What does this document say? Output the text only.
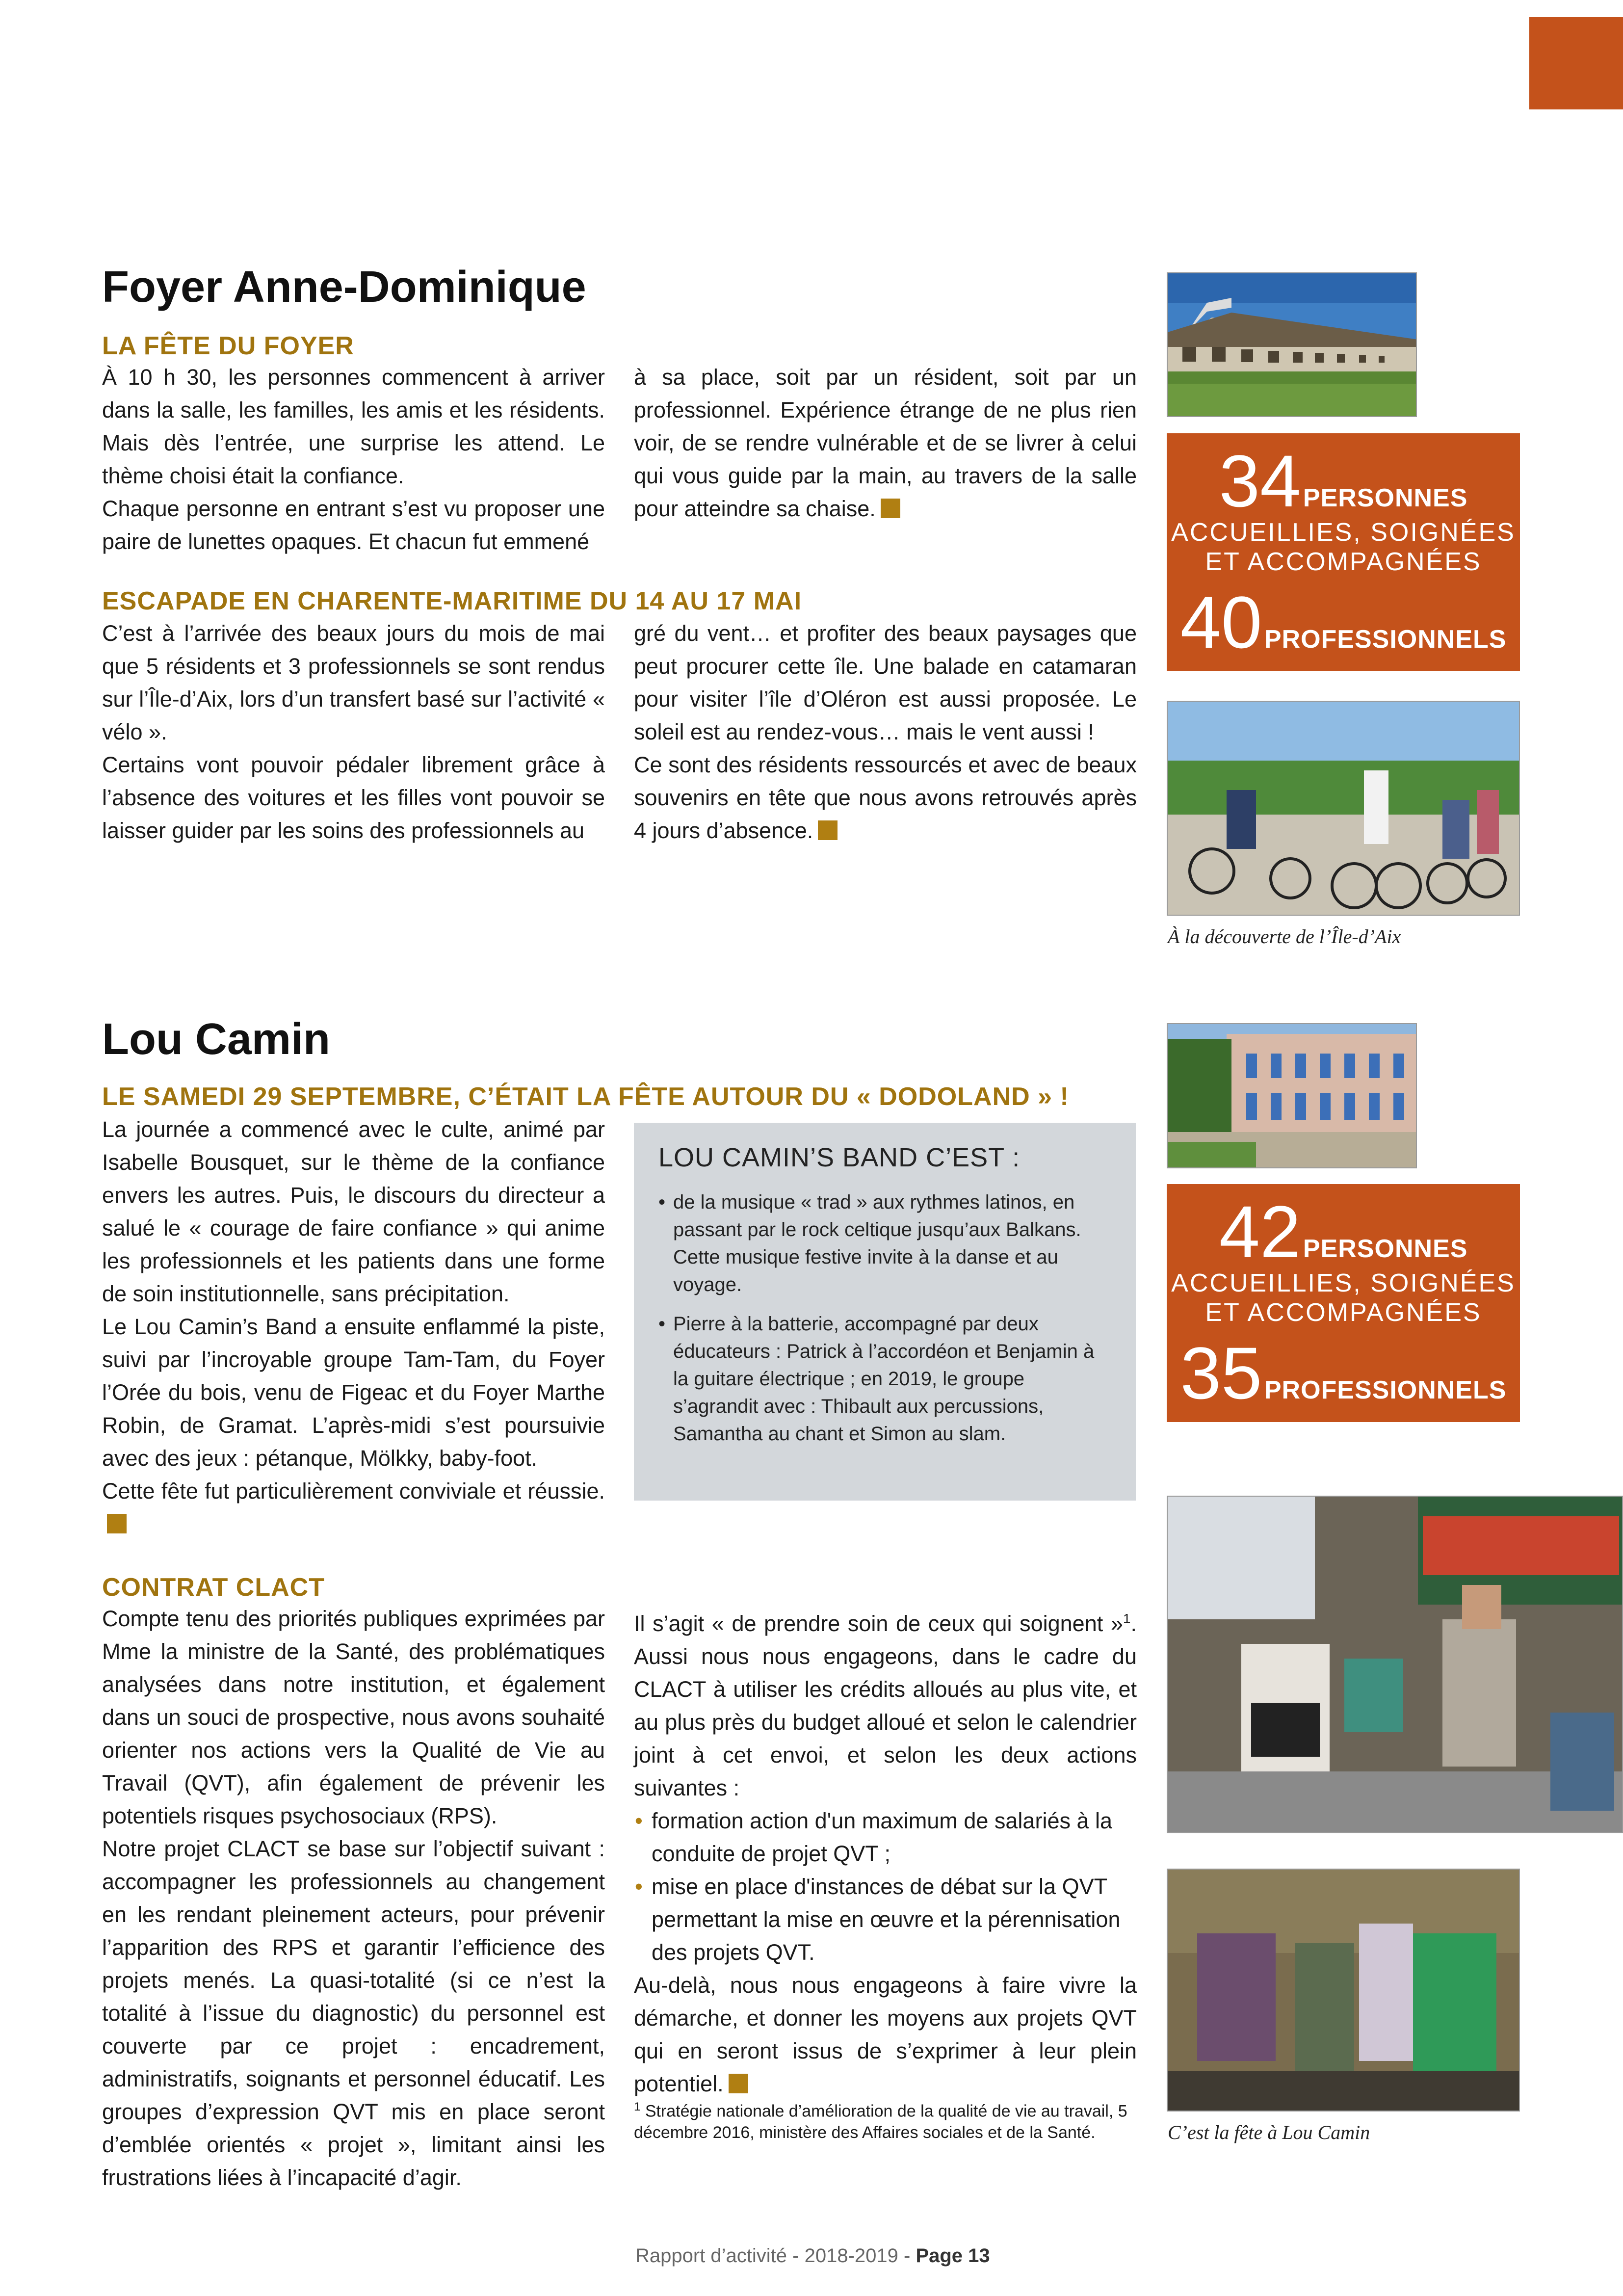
Foyer Anne-Dominique
LA FÊTE DU FOYER

À 10 h 30, les personnes commencent à arriver dans la salle, les familles, les amis et les résidents. Mais dès l’entrée, une surprise les attend. Le thème choisi était la confiance.

Chaque personne en entrant s’est vu proposer une paire de lunettes opaques. Et chacun fut emmené

à sa place, soit par un résident, soit par un professionnel. Expérience étrange de ne plus rien voir, de se rendre vulnérable et de se livrer à celui qui vous guide par la main, au travers de la salle pour atteindre sa chaise.

ESCAPADE EN CHARENTE-MARITIME DU 14 AU 17 MAI

C’est à l’arrivée des beaux jours du mois de mai que 5 résidents et 3 professionnels se sont rendus sur l’Île-d’Aix, lors d’un transfert basé sur l’activité « vélo ».

Certains vont pouvoir pédaler librement grâce à l’absence des voitures et les filles vont pouvoir se laisser guider par les soins des professionnels au

gré du vent… et profiter des beaux paysages que peut procurer cette île. Une balade en catamaran pour visiter l’île d’Oléron est aussi proposée. Le soleil est au rendez-vous… mais le vent aussi !

Ce sont des résidents ressourcés et avec de beaux souvenirs en tête que nous avons retrouvés après 4 jours d’absence.

34 PERSONNES
ACCUEILLIES, SOIGNÉES
ET ACCOMPAGNÉES
40 PROFESSIONNELS
À la découverte de l’Île-d’Aix
Lou Camin
LE SAMEDI 29 SEPTEMBRE, C’ÉTAIT LA FÊTE AUTOUR DU « DODOLAND » !

La journée a commencé avec le culte, animé par Isabelle Bousquet, sur le thème de la confiance envers les autres. Puis, le discours du directeur a salué le « courage de faire confiance » qui anime les professionnels et les patients dans une forme de soin institutionnelle, sans précipitation.

Le Lou Camin’s Band a ensuite enflammé la piste, suivi par l’incroyable groupe Tam-Tam, du Foyer l’Orée du bois, venu de Figeac et du Foyer Marthe Robin, de Gramat. L’après-midi s’est poursuivie avec des jeux : pétanque, Mölkky, baby-foot.

Cette fête fut particulièrement conviviale et réussie.

LOU CAMIN’S BAND C’EST :
• de la musique « trad » aux rythmes latinos, en passant par le rock celtique jusqu’aux Balkans. Cette musique festive invite à la danse et au voyage.
• Pierre à la batterie, accompagné par deux éducateurs : Patrick à l’accordéon et Benjamin à la guitare électrique ; en 2019, le groupe s’agrandit avec : Thibault aux percussions, Samantha au chant et Simon au slam.
42 PERSONNES
ACCUEILLIES, SOIGNÉES
ET ACCOMPAGNÉES
35 PROFESSIONNELS
C’est la fête à Lou Camin
CONTRAT CLACT

Compte tenu des priorités publiques exprimées par Mme la ministre de la Santé, des problématiques analysées dans notre institution, et également dans un souci de prospective, nous avons souhaité orienter nos actions vers la Qualité de Vie au Travail (QVT), afin également de prévenir les potentiels risques psychosociaux (RPS).

Notre projet CLACT se base sur l’objectif suivant : accompagner les professionnels au changement en les rendant pleinement acteurs, pour prévenir l’apparition des RPS et garantir l’efficience des projets menés. La quasi-totalité (si ce n’est la totalité à l’issue du diagnostic) du personnel est couverte par ce projet : encadrement, administratifs, soignants et personnel éducatif. Les groupes d’expression QVT mis en place seront d’emblée orientés « projet », limitant ainsi les frustrations liées à l’incapacité d’agir.

Il s’agit « de prendre soin de ceux qui soignent »$^1$. Aussi nous nous engageons, dans le cadre du CLACT à utiliser les crédits alloués au plus vite, et au plus près du budget alloué et selon le calendrier joint à cet envoi, et selon les deux actions suivantes :

• formation action d'un maximum de salariés à la conduite de projet QVT ;
• mise en place d'instances de débat sur la QVT permettant la mise en œuvre et la pérennisation des projets QVT.

Au-delà, nous nous engageons à faire vivre la démarche, et donner les moyens aux projets QVT qui en seront issus de s’exprimer à leur plein potentiel.

$^1$ Stratégie nationale d’amélioration de la qualité de vie au travail, 5 décembre 2016, ministère des Affaires sociales et de la Santé.
Rapport d’activité - 2018-2019 - Page 13
